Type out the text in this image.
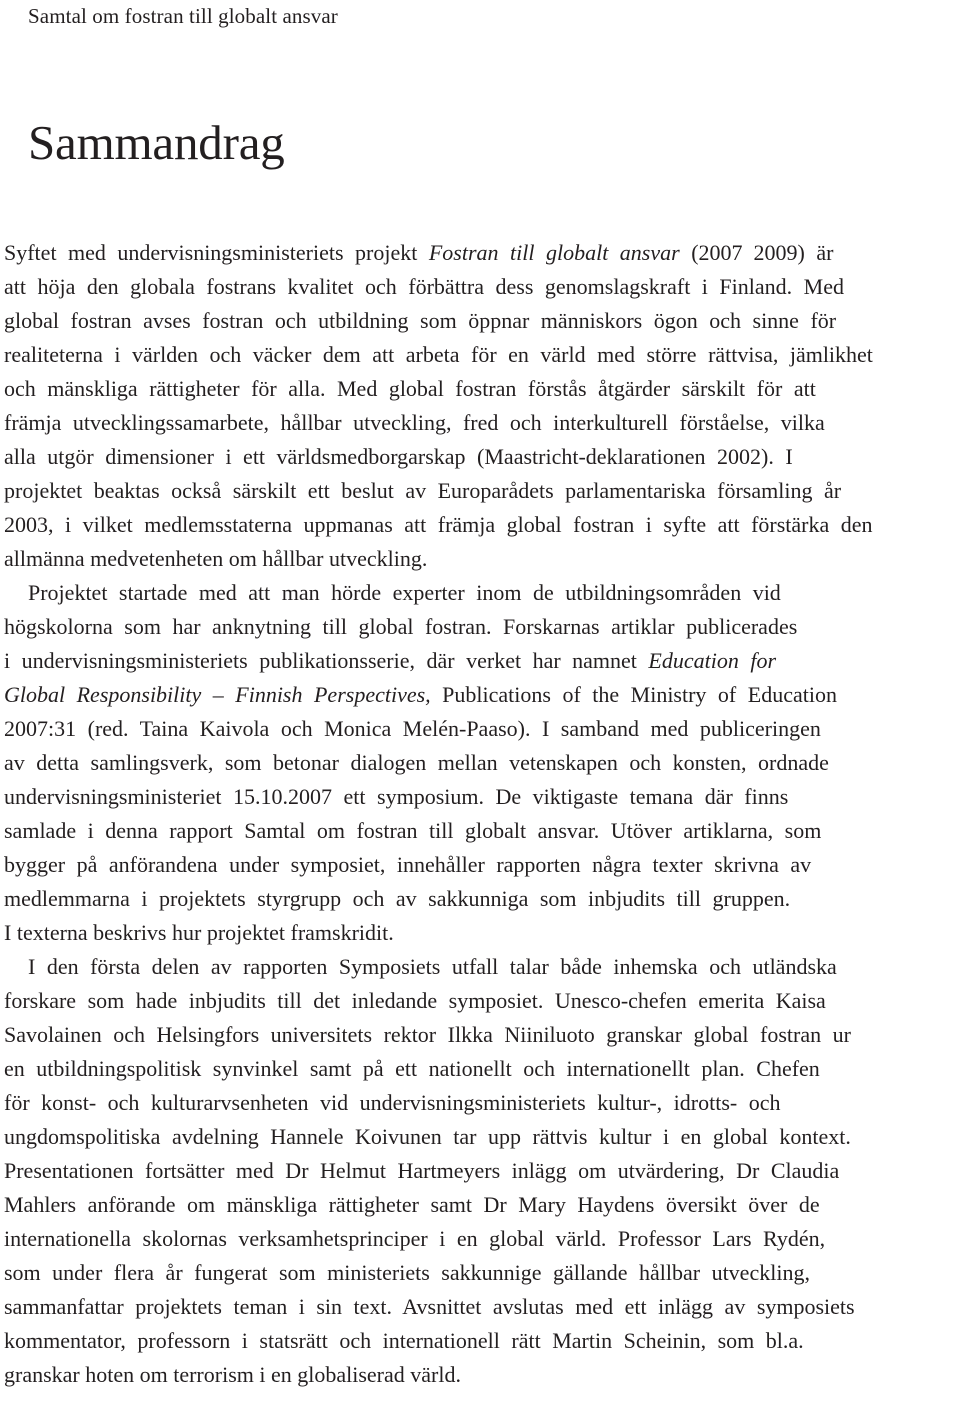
Samtal om fostran till globalt ansvar
Sammandrag
Syftet med undervisningsministeriets projekt Fostran till globalt ansvar (2007 2009) är
att höja den globala fostrans kvalitet och förbättra dess genomslagskraft i Finland. Med
global fostran avses fostran och utbildning som öppnar människors ögon och sinne för
realiteterna i världen och väcker dem att arbeta för en värld med större rättvisa, jämlikhet
och mänskliga rättigheter för alla. Med global fostran förstås åtgärder särskilt för att
främja utvecklingssamarbete, hållbar utveckling, fred och interkulturell förståelse, vilka
alla utgör dimensioner i ett världsmedborgarskap (Maastricht-deklarationen 2002). I
projektet beaktas också särskilt ett beslut av Europarådets parlamentariska församling år
2003, i vilket medlemsstaterna uppmanas att främja global fostran i syfte att förstärka den
allmänna medvetenheten om hållbar utveckling.
Projektet startade med att man hörde experter inom de utbildningsområden vid
högskolorna som har anknytning till global fostran. Forskarnas artiklar publicerades
i undervisningsministeriets publikationsserie, där verket har namnet Education for
Global Responsibility – Finnish Perspectives, Publications of the Ministry of Education
2007:31 (red. Taina Kaivola och Monica Melén-Paaso). I samband med publiceringen
av detta samlingsverk, som betonar dialogen mellan vetenskapen och konsten, ordnade
undervisningsministeriet 15.10.2007 ett symposium. De viktigaste temana där finns
samlade i denna rapport Samtal om fostran till globalt ansvar. Utöver artiklarna, som
bygger på anförandena under symposiet, innehåller rapporten några texter skrivna av
medlemmarna i projektets styrgrupp och av sakkunniga som inbjudits till gruppen.
I texterna beskrivs hur projektet framskridit.
I den första delen av rapporten Symposiets utfall talar både inhemska och utländska
forskare som hade inbjudits till det inledande symposiet. Unesco-chefen emerita Kaisa
Savolainen och Helsingfors universitets rektor Ilkka Niiniluoto granskar global fostran ur
en utbildningspolitisk synvinkel samt på ett nationellt och internationellt plan. Chefen
för konst- och kulturarvsenheten vid undervisningsministeriets kultur-, idrotts- och
ungdomspolitiska avdelning Hannele Koivunen tar upp rättvis kultur i en global kontext.
Presentationen fortsätter med Dr Helmut Hartmeyers inlägg om utvärdering, Dr Claudia
Mahlers anförande om mänskliga rättigheter samt Dr Mary Haydens översikt över de
internationella skolornas verksamhetsprinciper i en global värld. Professor Lars Rydén,
som under flera år fungerat som ministeriets sakkunnige gällande hållbar utveckling,
sammanfattar projektets teman i sin text. Avsnittet avslutas med ett inlägg av symposiets
kommentator, professorn i statsrätt och internationell rätt Martin Scheinin, som bl.a.
granskar hoten om terrorism i en globaliserad värld.
